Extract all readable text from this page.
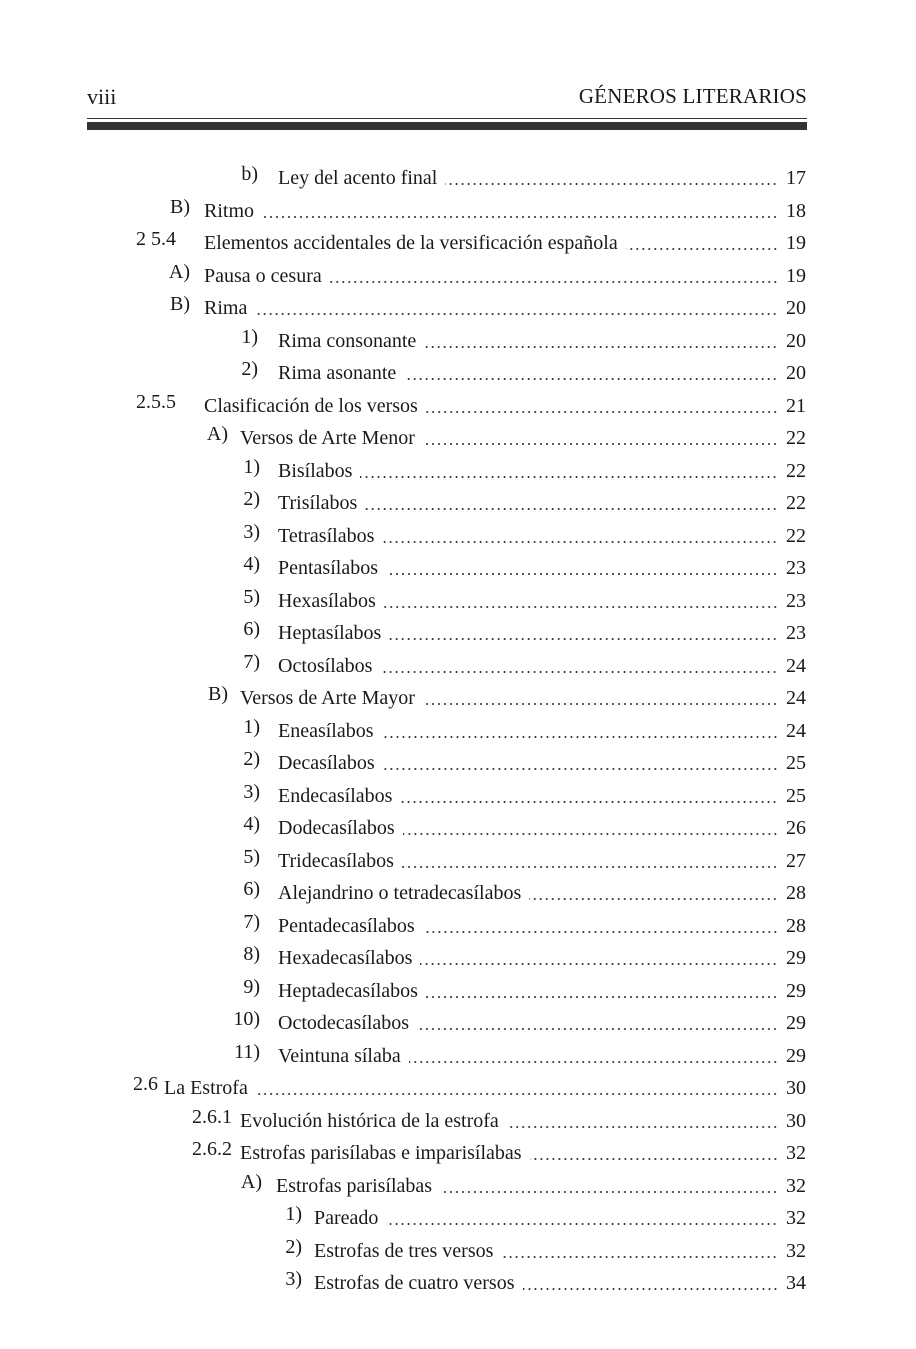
viii	GÉNEROS LITERARIOS
b) Ley del acento final	17
B) Ritmo	18
2 5.4 Elementos accidentales de la versificación española	19
A) Pausa o cesura	19
B) Rima	20
1) Rima consonante	20
2) Rima asonante	20
2.5.5 Clasificación de los versos	21
A) Versos de Arte Menor	22
1) Bisílabos	22
2) Trisílabos	22
3) Tetrasílabos	22
4) Pentasílabos	23
5) Hexasílabos	23
6) Heptasílabos	23
7) Octosílabos	24
B) Versos de Arte Mayor	24
1) Eneasílabos	24
2) Decasílabos	25
3) Endecasílabos	25
4) Dodecasílabos	26
5) Tridecasílabos	27
6) Alejandrino o tetradecasílabos	28
7) Pentadecasílabos	28
8) Hexadecasílabos	29
9) Heptadecasílabos	29
10) Octodecasílabos	29
11) Veintuna sílaba	29
2.6 La Estrofa	30
2.6.1 Evolución histórica de la estrofa	30
2.6.2 Estrofas parisílabas e imparisílabas	32
A) Estrofas parisílabas	32
1) Pareado	32
2) Estrofas de tres versos	32
3) Estrofas de cuatro versos	34
